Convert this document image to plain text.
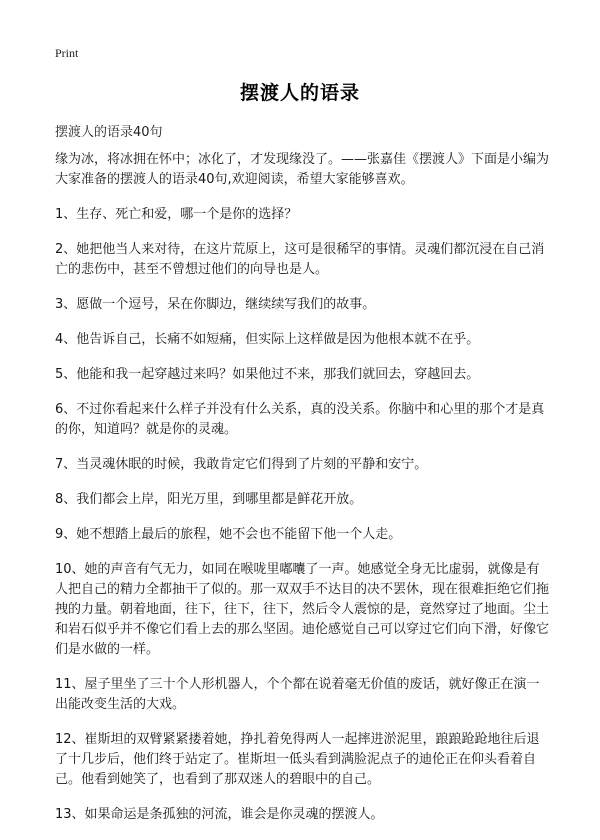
Print
摆渡人的语录
摆渡人的语录40句

缘为冰，将冰拥在怀中；冰化了，才发现缘没了。——张嘉佳《摆渡人》下面是小编为大家准备的摆渡人的语录40句,欢迎阅读，希望大家能够喜欢。

1、生存、死亡和爱，哪一个是你的选择？

2、她把他当人来对待，在这片荒原上，这可是很稀罕的事情。灵魂们都沉浸在自己消亡的悲伤中，甚至不曾想过他们的向导也是人。

3、愿做一个逗号，呆在你脚边，继续续写我们的故事。

4、他告诉自己，长痛不如短痛，但实际上这样做是因为他根本就不在乎。

5、他能和我一起穿越过来吗？如果他过不来，那我们就回去，穿越回去。

6、不过你看起来什么样子并没有什么关系，真的没关系。你脑中和心里的那个才是真的你，知道吗？就是你的灵魂。

7、当灵魂休眠的时候，我敢肯定它们得到了片刻的平静和安宁。

8、我们都会上岸，阳光万里，到哪里都是鲜花开放。

9、她不想踏上最后的旅程，她不会也不能留下他一个人走。

10、她的声音有气无力，如同在喉咙里嘟囔了一声。她感觉全身无比虚弱，就像是有人把自己的精力全都抽干了似的。那一双双手不达目的决不罢休，现在很难拒绝它们拖拽的力量。朝着地面，往下，往下，往下，然后令人震惊的是，竟然穿过了地面。尘土和岩石似乎并不像它们看上去的那么坚固。迪伦感觉自己可以穿过它们向下滑，好像它们是水做的一样。

11、屋子里坐了三十个人形机器人，个个都在说着毫无价值的废话，就好像正在演一出能改变生活的大戏。

12、崔斯坦的双臂紧紧搂着她，挣扎着免得两人一起摔进淤泥里，踉踉跄跄地往后退了十几步后，他们终于站定了。崔斯坦一低头看到满脸泥点子的迪伦正在仰头看着自己。他看到她笑了，也看到了那双迷人的碧眼中的自己。

13、如果命运是条孤独的河流，谁会是你灵魂的摆渡人。
